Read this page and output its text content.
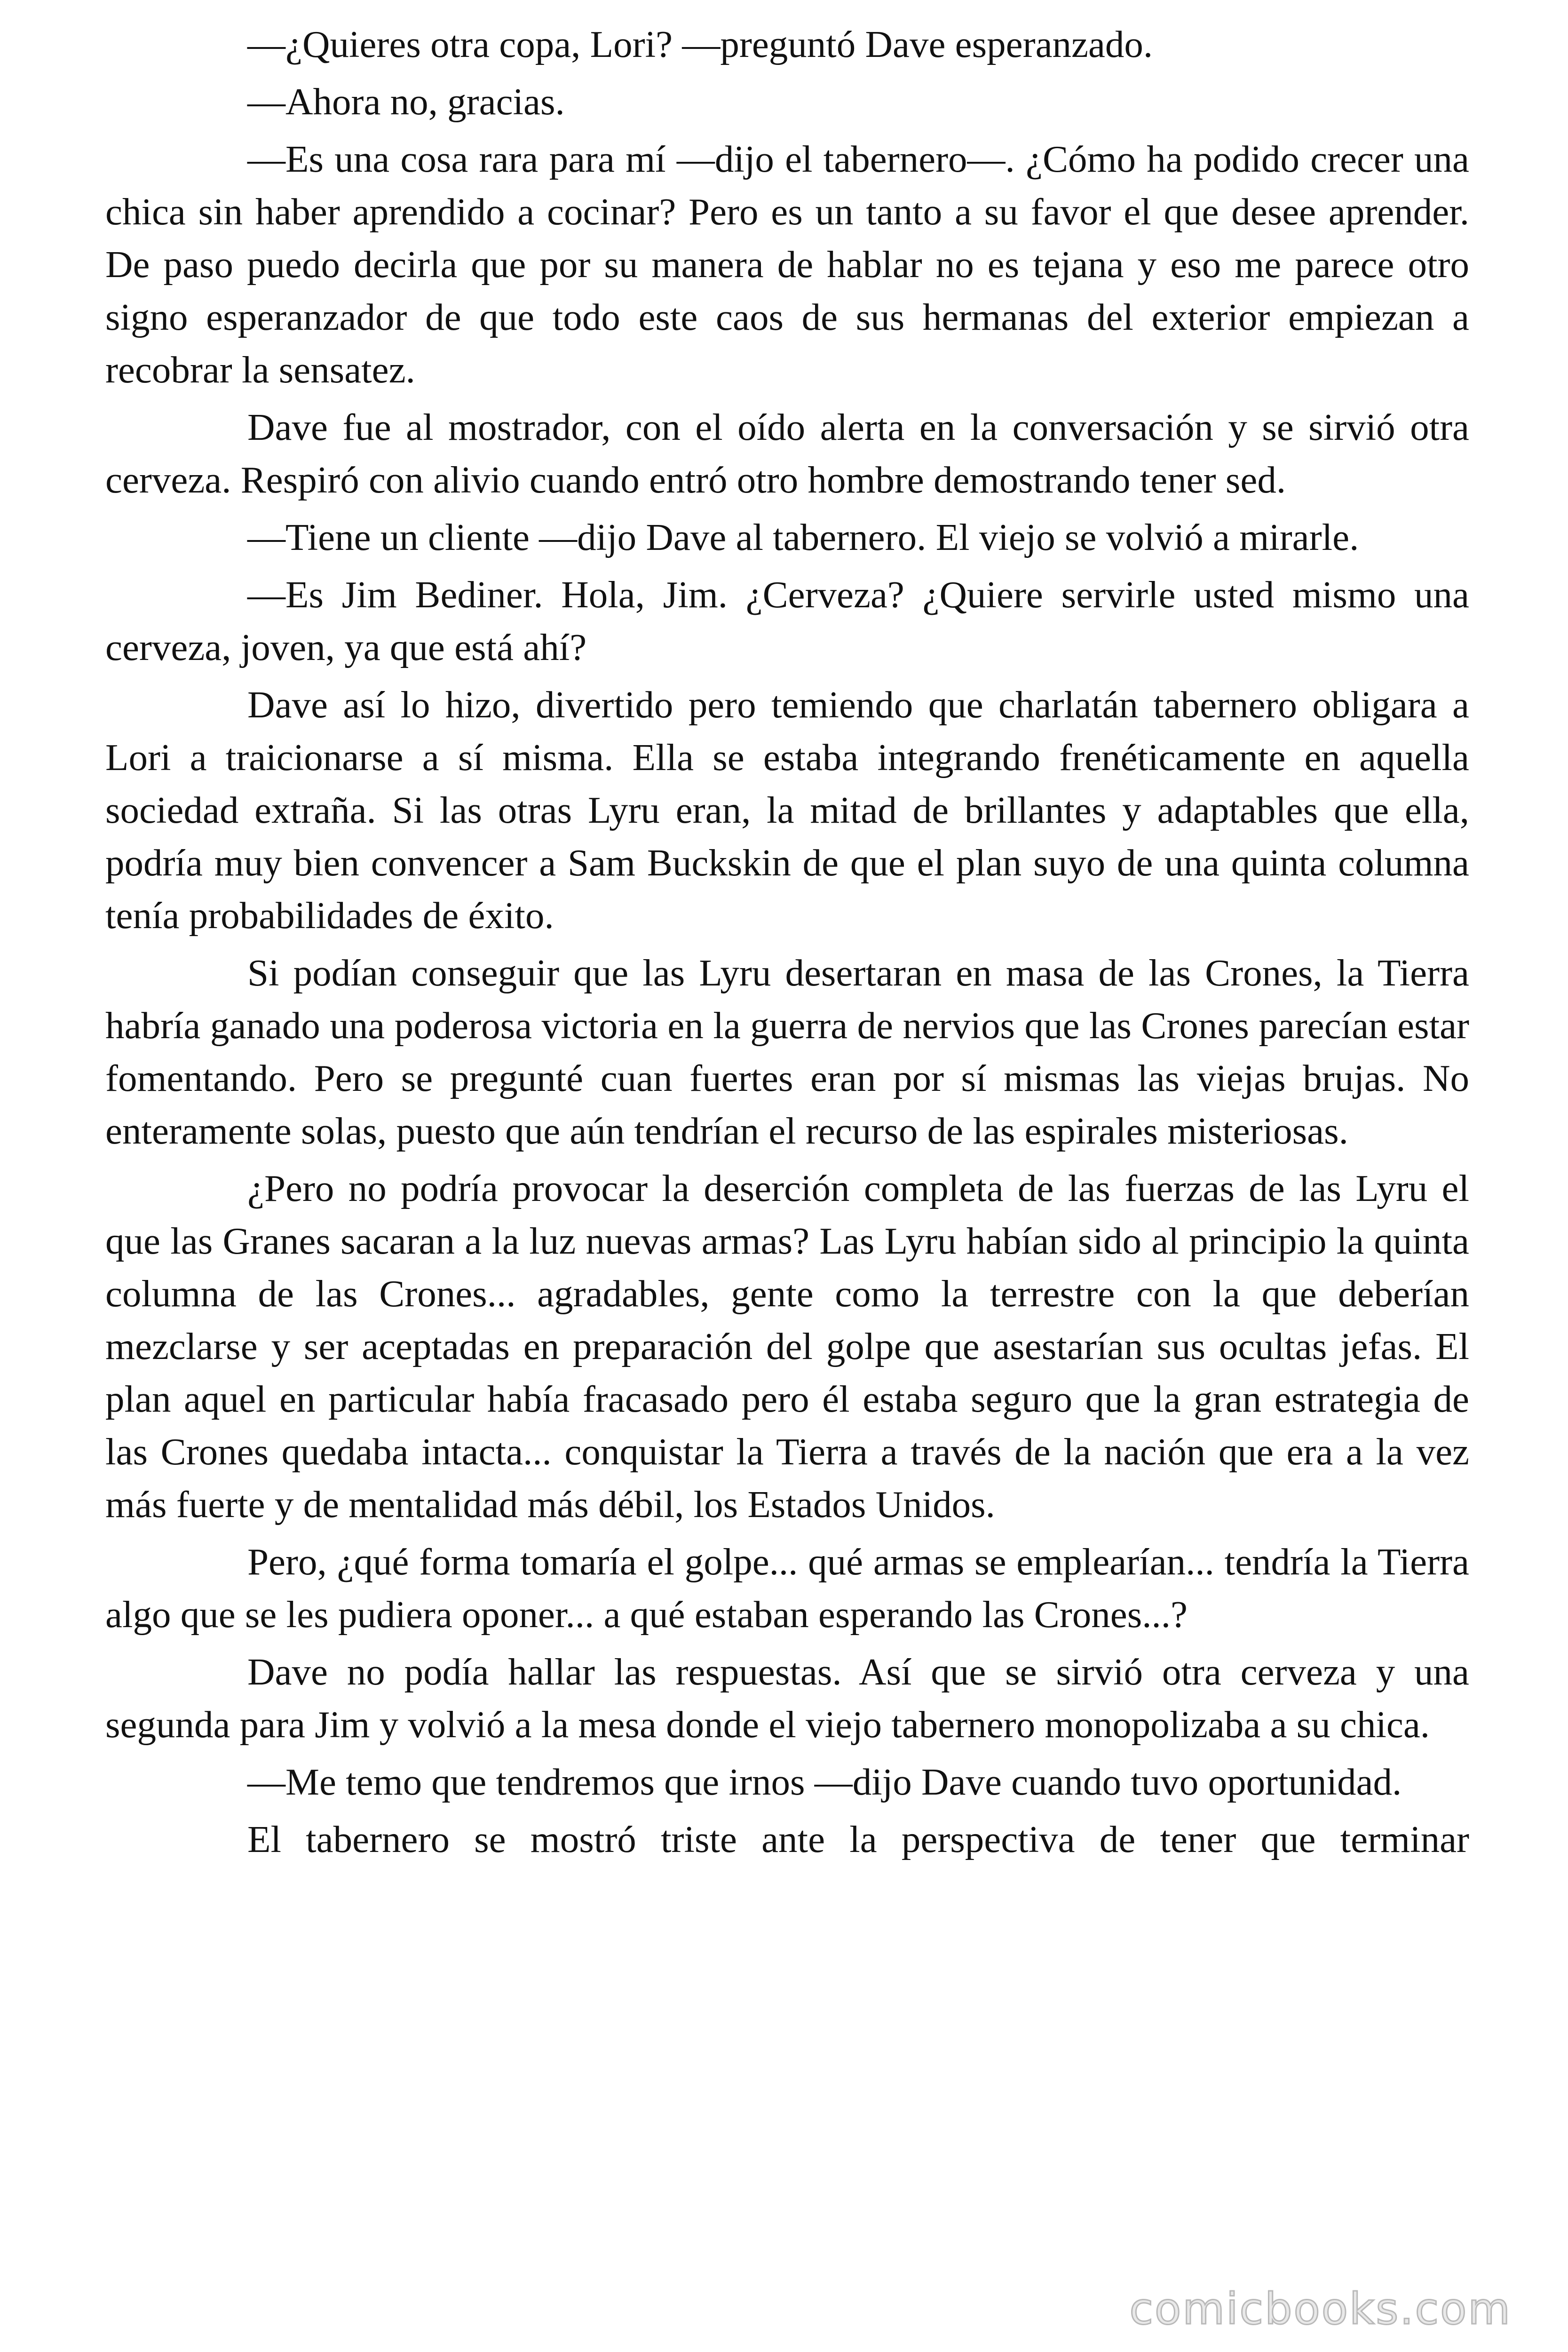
—¿Quieres otra copa, Lori? —preguntó Dave esperanzado.

—Ahora no, gracias.

—Es una cosa rara para mí —dijo el tabernero—. ¿Cómo ha podido crecer una chica sin haber aprendido a cocinar? Pero es un tanto a su favor el que desee aprender. De paso puedo decirla que por su manera de hablar no es tejana y eso me parece otro signo esperanzador de que todo este caos de sus hermanas del exterior empiezan a recobrar la sensatez.

Dave fue al mostrador, con el oído alerta en la conversación y se sirvió otra cerveza. Respiró con alivio cuando entró otro hombre demostrando tener sed.

—Tiene un cliente —dijo Dave al tabernero. El viejo se volvió a mirarle.

—Es Jim Bediner. Hola, Jim. ¿Cerveza? ¿Quiere servirle usted mismo una cerveza, joven, ya que está ahí?

Dave así lo hizo, divertido pero temiendo que charlatán tabernero obligara a Lori a traicionarse a sí misma. Ella se estaba integrando frenéticamente en aquella sociedad extraña. Si las otras Lyru eran, la mitad de brillantes y adaptables que ella, podría muy bien convencer a Sam Buckskin de que el plan suyo de una quinta columna tenía probabilidades de éxito.

Si podían conseguir que las Lyru desertaran en masa de las Crones, la Tierra habría ganado una poderosa victoria en la guerra de nervios que las Crones parecían estar fomentando. Pero se pregunté cuan fuertes eran por sí mismas las viejas brujas. No enteramente solas, puesto que aún tendrían el recurso de las espirales misteriosas.

¿Pero no podría provocar la deserción completa de las fuerzas de las Lyru el que las Granes sacaran a la luz nuevas armas? Las Lyru habían sido al principio la quinta columna de las Crones... agradables, gente como la terrestre con la que deberían mezclarse y ser aceptadas en preparación del golpe que asestarían sus ocultas jefas. El plan aquel en particular había fracasado pero él estaba seguro que la gran estrategia de las Crones quedaba intacta... conquistar la Tierra a través de la nación que era a la vez más fuerte y de mentalidad más débil, los Estados Unidos.

Pero, ¿qué forma tomaría el golpe... qué armas se emplearían... tendría la Tierra algo que se les pudiera oponer... a qué estaban esperando las Crones...?

Dave no podía hallar las respuestas. Así que se sirvió otra cerveza y una segunda para Jim y volvió a la mesa donde el viejo tabernero monopolizaba a su chica.

—Me temo que tendremos que irnos —dijo Dave cuando tuvo oportunidad.

El tabernero se mostró triste ante la perspectiva de tener que terminar

comicbooks.com
